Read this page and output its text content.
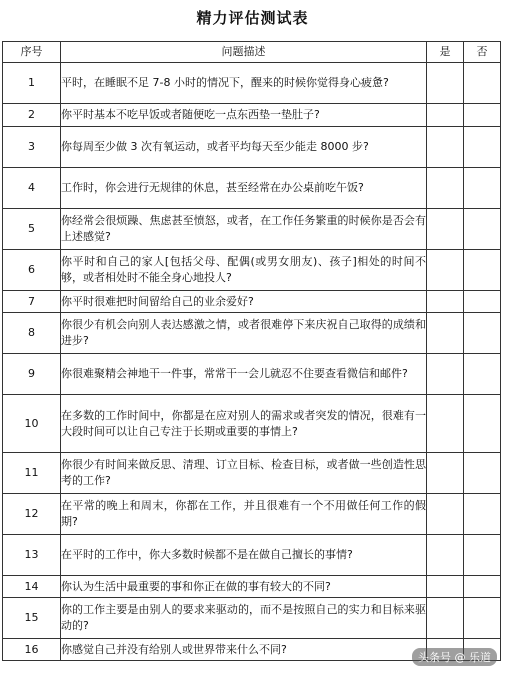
精力评估测试表
序号	问题描述	是	否
1	平时，在睡眠不足 7-8 小时的情况下，醒来的时候你觉得身心疲惫?		
2	你平时基本不吃早饭或者随便吃一点东西垫一垫肚子?		
3	你每周至少做 3 次有氧运动，或者平均每天至少能走 8000 步?		
4	工作时，你会进行无规律的休息，甚至经常在办公桌前吃午饭?		
5	你经常会很烦躁、焦虑甚至愤怒，或者，在工作任务繁重的时候你是否会有上述感觉?		
6	你平时和自己的家人[包括父母、配偶(或男女朋友)、孩子]相处的时间不够，或者相处时不能全身心地投人?		
7	你平时很难把时间留给自己的业余爱好?		
8	你很少有机会向别人表达感激之情，或者很难停下来庆祝自己取得的成绩和进步?		
9	你很难聚精会神地干一件事，常常干一会儿就忍不住要查看微信和邮件?		
10	在多数的工作时间中，你都是在应对别人的需求或者突发的情况，很难有一大段时间可以让自己专注于长期或重要的事情上?		
11	你很少有时间来做反思、清理、订立目标、检查目标，或者做一些创造性思考的工作?		
12	在平常的晚上和周末，你都在工作，并且很难有一个不用做任何工作的假期?		
13	在平时的工作中，你大多数时候都不是在做自己擅长的事情?		
14	你认为生活中最重要的事和你正在做的事有较大的不同?		
15	你的工作主要是由别人的要求来驱动的，而不是按照自己的实力和目标来驱动的?		
16	你感觉自己并没有给别人或世界带来什么不同?		
头条号 @ 乐道
